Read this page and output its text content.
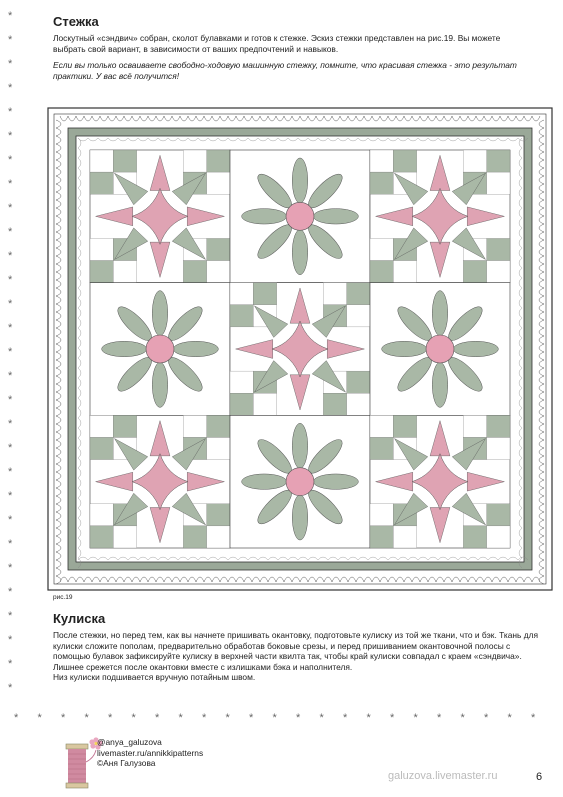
*
*
*
*
*
*
*
*
*
*
*
*
*
*
*
*
*
*
*
*
*
*
*
*
*
*
*
*
*
* * * * * * * * * * * * * * * * * * * * * * *
Стежка
Лоскутный «сэндвич» собран, сколот булавками и готов к стежке. Эскиз стежки представлен на рис.19. Вы можете выбрать свой вариант, в зависимости от ваших предпочтений и навыков.
Если вы только осваиваете свободно-ходовую машинную стежку, помните, что красивая стежка - это результат практики. У вас всё получится!
рис.19
Кулиска
После стежки, но перед тем, как вы начнете пришивать окантовку, подготовьте кулиску из той же ткани, что и бэк. Ткань для кулиски сложите пополам, предварительно обработав боковые срезы, и перед пришиванием окантовочной полосы с помощью булавок зафиксируйте кулиску в верхней части квилта так, чтобы край кулиски совпадал с краем «сэндвича». Лишнее срежется после окантовки вместе с излишками бэка и наполнителя.
Низ кулиски подшивается вручную потайным швом.
@anya_galuzova
livemaster.ru/annikkipatterns
©Аня Галузова
galuzova.livemaster.ru	6
